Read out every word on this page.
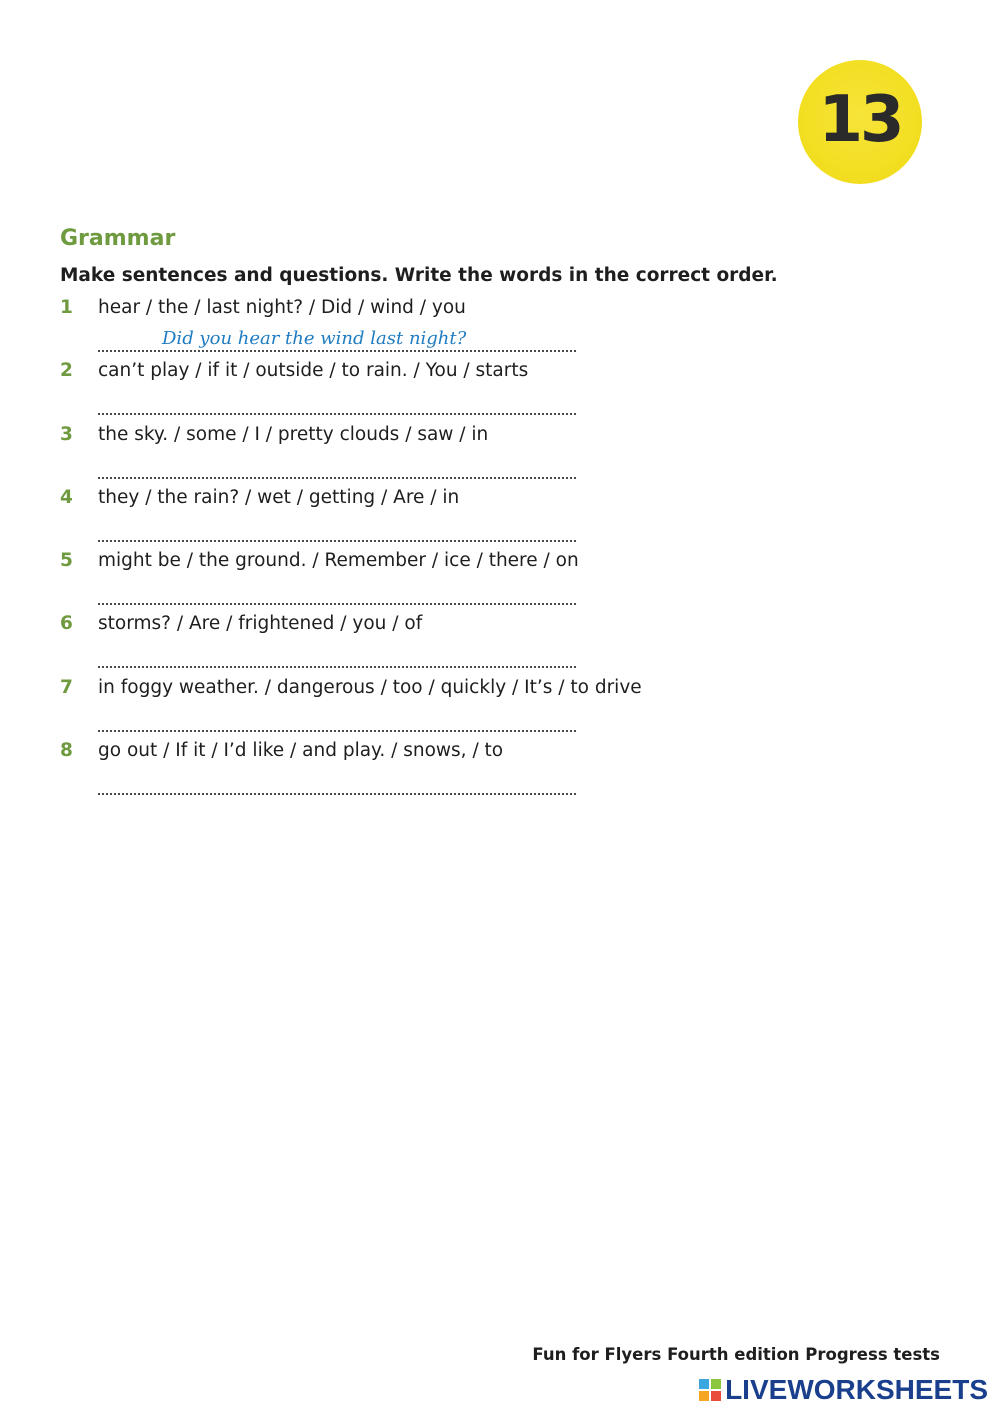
13
Grammar
Make sentences and questions. Write the words in the correct order.
1 hear / the / last night? / Did / wind / you
Did you hear the wind last night?
2 can’t play / if it / outside / to rain. / You / starts
3 the sky. / some / I / pretty clouds / saw / in
4 they / the rain? / wet / getting / Are / in
5 might be / the ground. / Remember / ice / there / on
6 storms? / Are / frightened / you / of
7 in foggy weather. / dangerous / too / quickly / It’s / to drive
8 go out / If it / I’d like / and play. / snows, / to
Fun for Flyers Fourth edition Progress tests
LIVEWORKSHEETS
